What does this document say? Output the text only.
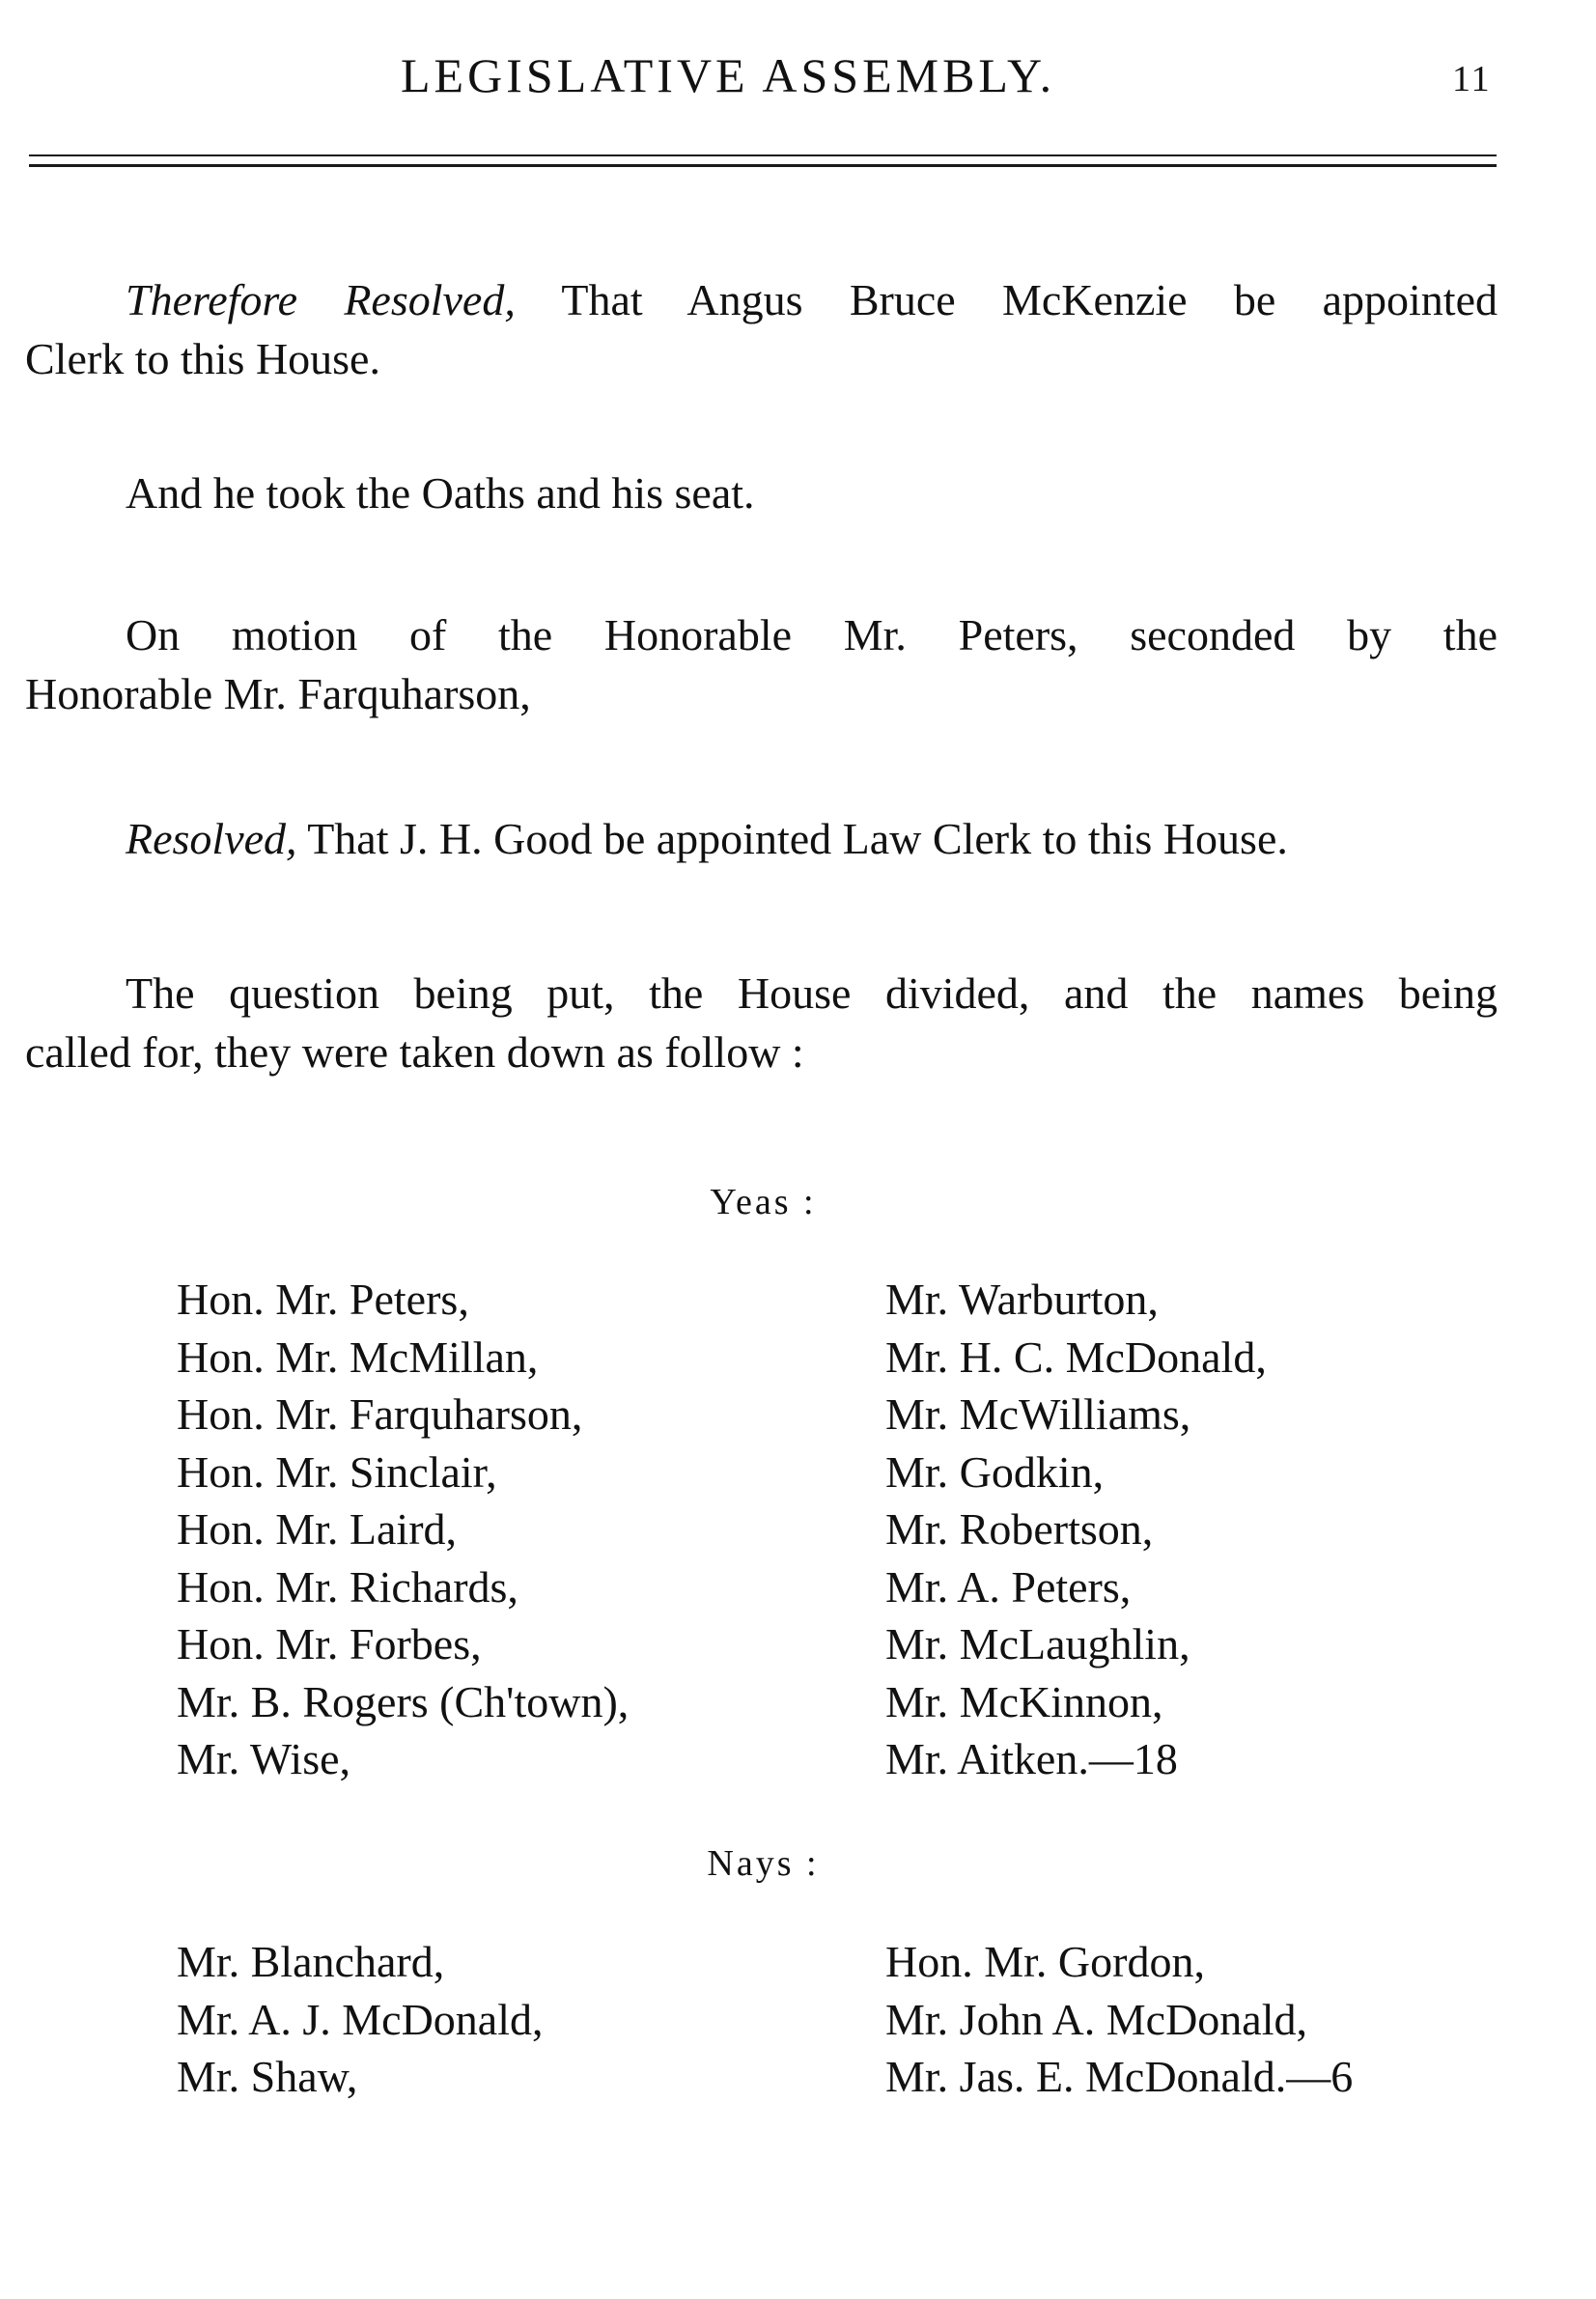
LEGISLATIVE ASSEMBLY.	11

Therefore Resolved, That Angus Bruce McKenzie be appointed
Clerk to this House.

And he took the Oaths and his seat.

On motion of the Honorable Mr. Peters, seconded by the
Honorable Mr. Farquharson,

Resolved, That J. H. Good be appointed Law Clerk to this House.

The question being put, the House divided, and the names being
called for, they were taken down as follow :

Yeas :
Hon. Mr. Peters,
Hon. Mr. McMillan,
Hon. Mr. Farquharson,
Hon. Mr. Sinclair,
Hon. Mr. Laird,
Hon. Mr. Richards,
Hon. Mr. Forbes,
Mr. B. Rogers (Ch'town),
Mr. Wise,
Mr. Warburton,
Mr. H. C. McDonald,
Mr. McWilliams,
Mr. Godkin,
Mr. Robertson,
Mr. A. Peters,
Mr. McLaughlin,
Mr. McKinnon,
Mr. Aitken.—18
Nays :
Mr. Blanchard,
Mr. A. J. McDonald,
Mr. Shaw,
Hon. Mr. Gordon,
Mr. John A. McDonald,
Mr. Jas. E. McDonald.—6
